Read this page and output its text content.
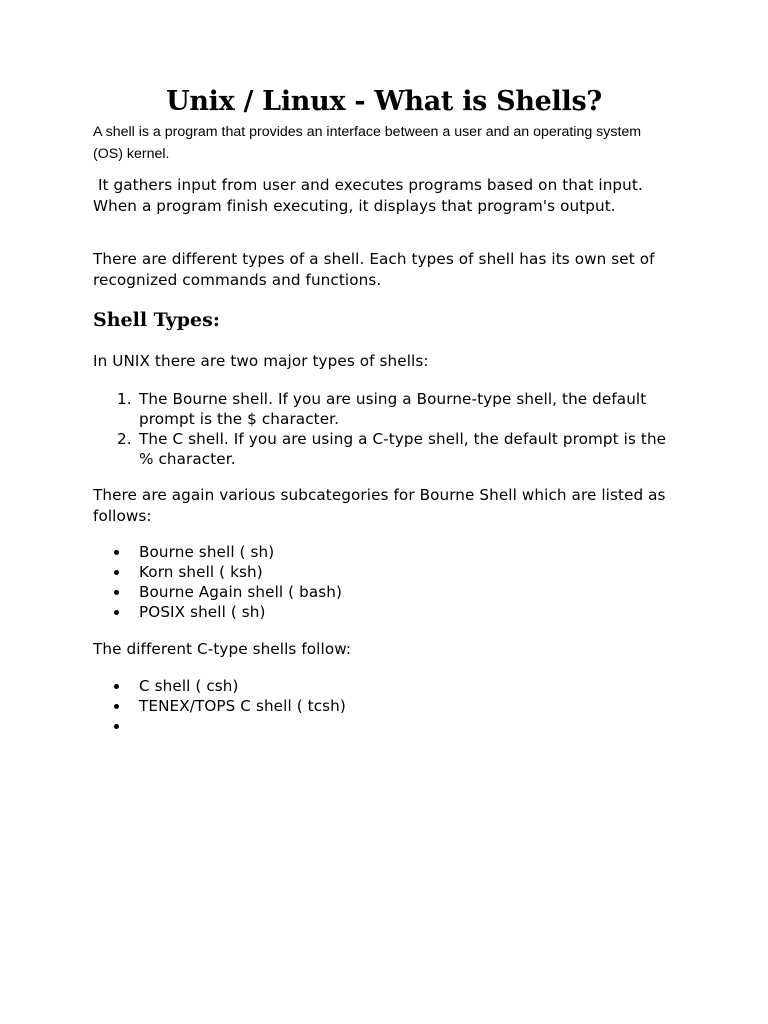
Unix / Linux - What is Shells?

A shell is a program that provides an interface between a user and an operating system (OS) kernel.

It gathers input from user and executes programs based on that input. When a program finish executing, it displays that program's output.

There are different types of a shell. Each types of shell has its own set of recognized commands and functions.

Shell Types:

In UNIX there are two major types of shells:

1. The Bourne shell. If you are using a Bourne-type shell, the default prompt is the $ character.
2. The C shell. If you are using a C-type shell, the default prompt is the % character.

There are again various subcategories for Bourne Shell which are listed as follows:

Bourne shell ( sh)
Korn shell ( ksh)
Bourne Again shell ( bash)
POSIX shell ( sh)

The different C-type shells follow:

C shell ( csh)
TENEX/TOPS C shell ( tcsh)
